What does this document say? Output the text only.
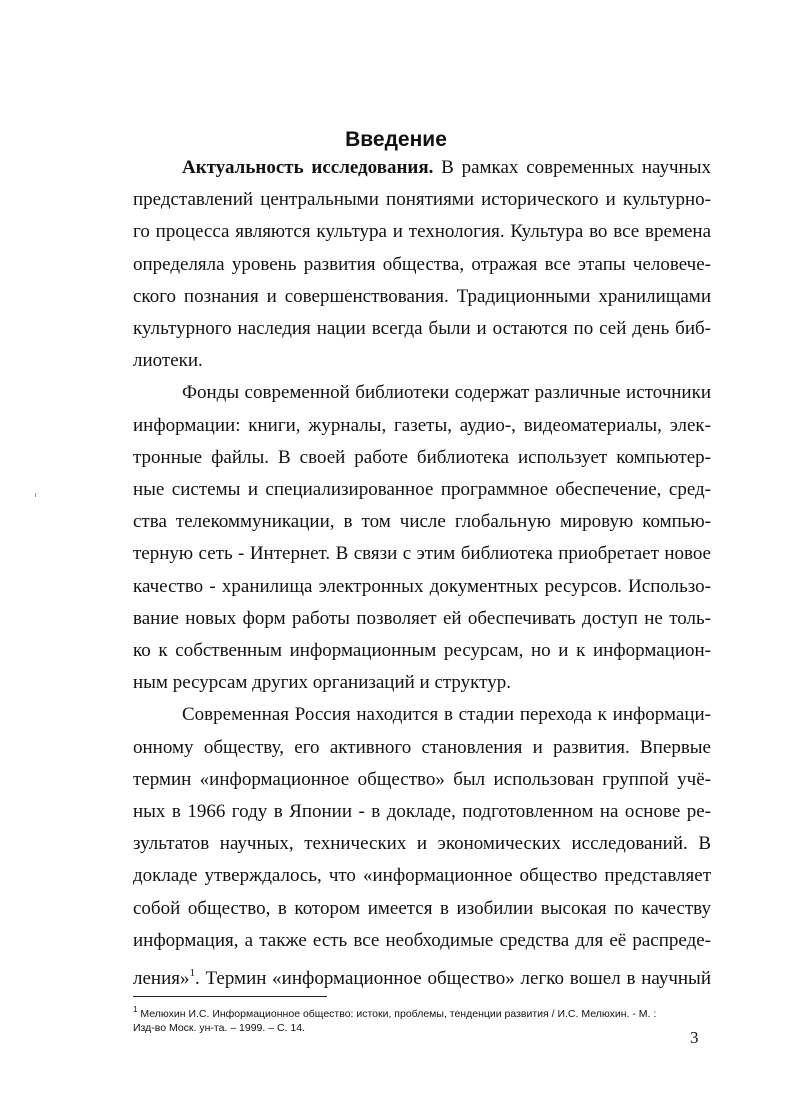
Введение

Актуальность исследования. В рамках современных научных
представлений центральными понятиями исторического и культурно-
го процесса являются культура и технология. Культура во все времена
определяла уровень развития общества, отражая все этапы человече-
ского познания и совершенствования. Традиционными хранилищами
культурного наследия нации всегда были и остаются по сей день биб-
лиотеки.

Фонды современной библиотеки содержат различные источники
информации: книги, журналы, газеты, аудио-, видеоматериалы, элек-
тронные файлы. В своей работе библиотека использует компьютер-
ные системы и специализированное программное обеспечение, сред-
ства телекоммуникации, в том числе глобальную мировую компью-
терную сеть - Интернет. В связи с этим библиотека приобретает новое
качество - хранилища электронных документных ресурсов. Использо-
вание новых форм работы позволяет ей обеспечивать доступ не толь-
ко к собственным информационным ресурсам, но и к информацион-
ным ресурсам других организаций и структур.

Современная Россия находится в стадии перехода к информаци-
онному обществу, его активного становления и развития. Впервые
термин «информационное общество» был использован группой учё-
ных в 1966 году в Японии - в докладе, подготовленном на основе ре-
зультатов научных, технических и экономических исследований. В
докладе утверждалось, что «информационное общество представляет
собой общество, в котором имеется в изобилии высокая по качеству
информация, а также есть все необходимые средства для её распреде-
ления»$^1$. Термин «информационное общество» легко вошел в научный

$^1$ Мелюхин И.С. Информационное общество: истоки, проблемы, тенденции развития / И.С. Мелюхин. - М. :
Изд-во Моск. ун-та. – 1999. – С. 14.	3
